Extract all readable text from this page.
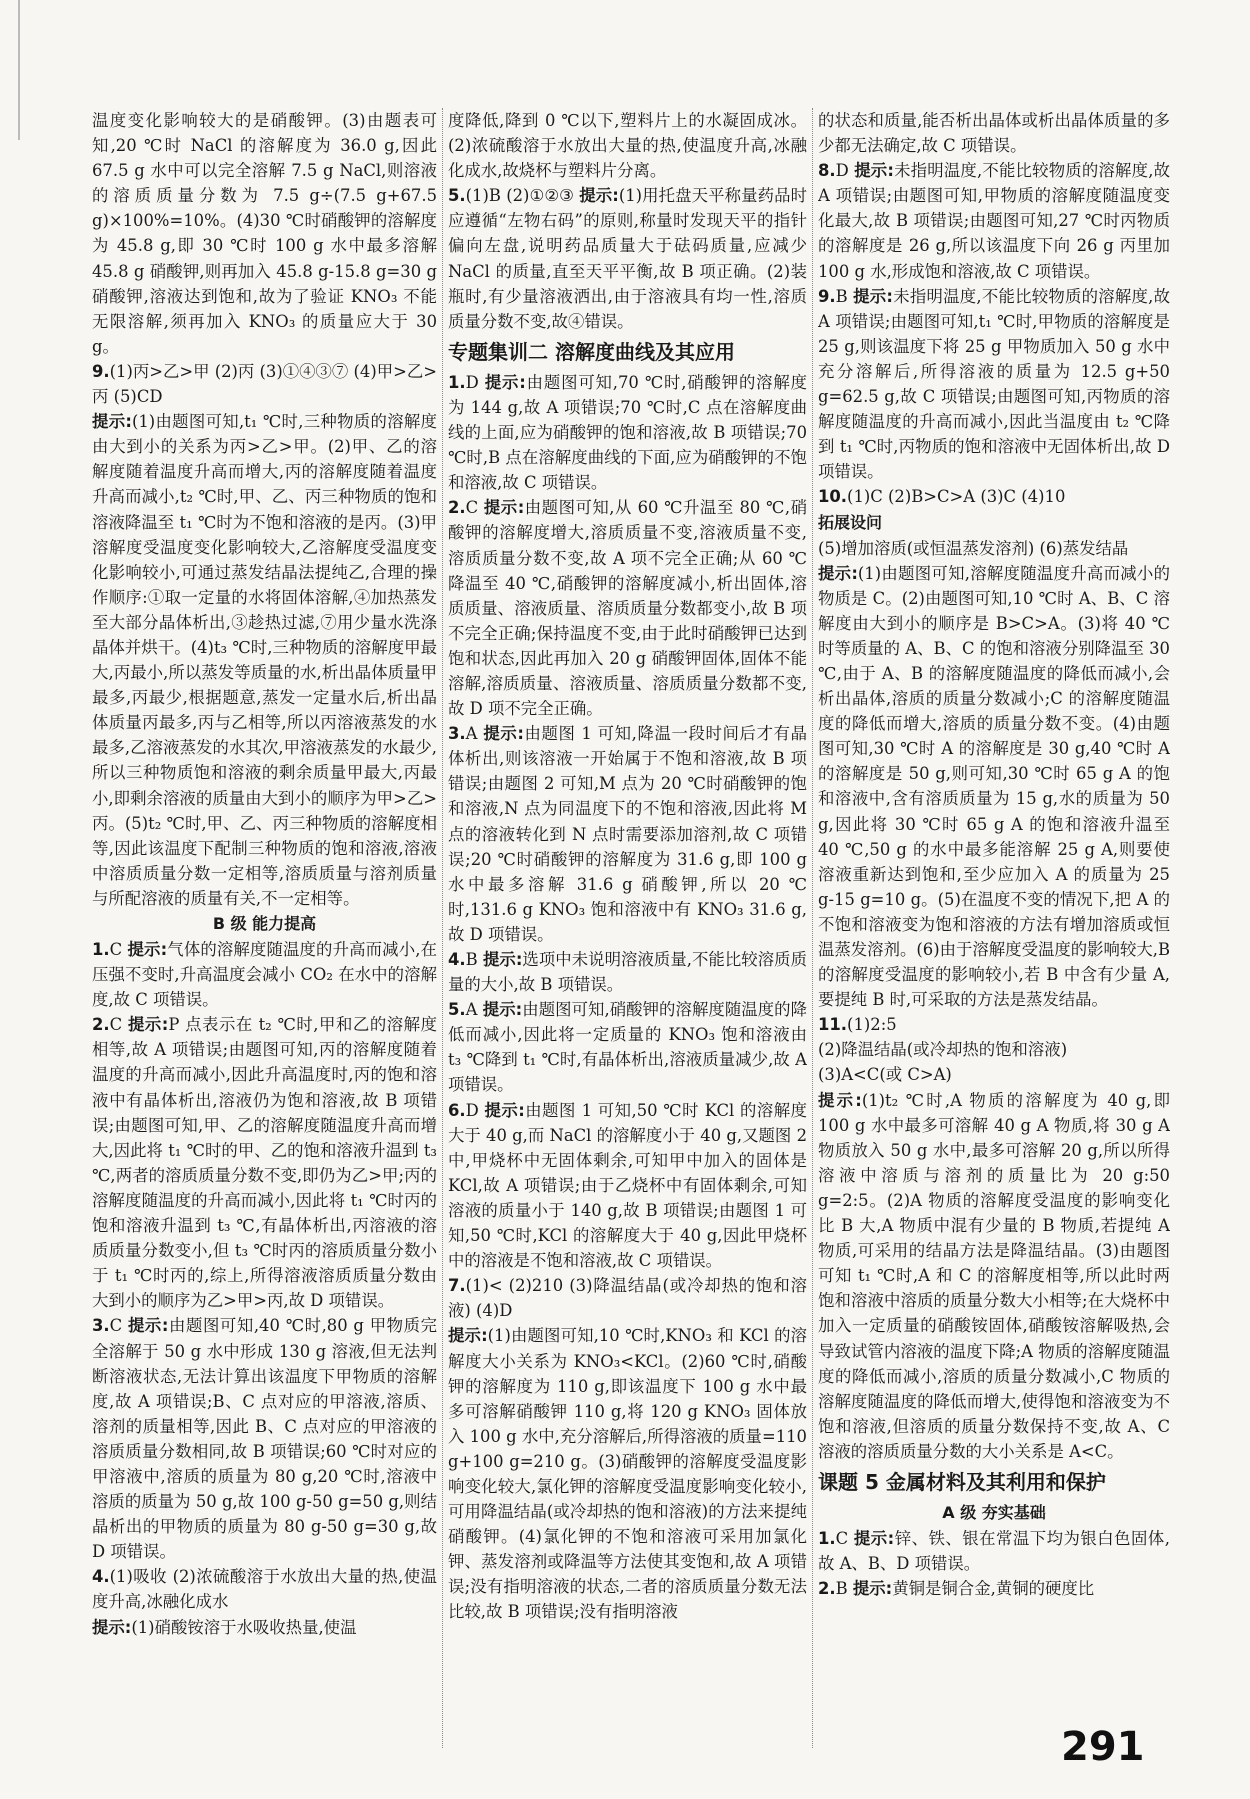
温度变化影响较大的是硝酸钾。(3)由题表可知,20 ℃时 NaCl 的溶解度为 36.0 g,因此 67.5 g 水中可以完全溶解 7.5 g NaCl,则溶液的溶质质量分数为 7.5 g÷(7.5 g+67.5 g)×100%=10%。(4)30 ℃时硝酸钾的溶解度为 45.8 g,即 30 ℃时 100 g 水中最多溶解 45.8 g 硝酸钾,则再加入 45.8 g-15.8 g=30 g 硝酸钾,溶液达到饱和,故为了验证 KNO₃ 不能无限溶解,须再加入 KNO₃ 的质量应大于 30 g。

9.(1)丙>乙>甲 (2)丙 (3)①④③⑦ (4)甲>乙>丙 (5)CD

提示:(1)由题图可知,t₁ ℃时,三种物质的溶解度由大到小的关系为丙>乙>甲。(2)甲、乙的溶解度随着温度升高而增大,丙的溶解度随着温度升高而减小,t₂ ℃时,甲、乙、丙三种物质的饱和溶液降温至 t₁ ℃时为不饱和溶液的是丙。(3)甲溶解度受温度变化影响较大,乙溶解度受温度变化影响较小,可通过蒸发结晶法提纯乙,合理的操作顺序:①取一定量的水将固体溶解,④加热蒸发至大部分晶体析出,③趁热过滤,⑦用少量水洗涤晶体并烘干。(4)t₃ ℃时,三种物质的溶解度甲最大,丙最小,所以蒸发等质量的水,析出晶体质量甲最多,丙最少,根据题意,蒸发一定量水后,析出晶体质量丙最多,丙与乙相等,所以丙溶液蒸发的水最多,乙溶液蒸发的水其次,甲溶液蒸发的水最少,所以三种物质饱和溶液的剩余质量甲最大,丙最小,即剩余溶液的质量由大到小的顺序为甲>乙>丙。(5)t₂ ℃时,甲、乙、丙三种物质的溶解度相等,因此该温度下配制三种物质的饱和溶液,溶液中溶质质量分数一定相等,溶质质量与溶剂质量与所配溶液的质量有关,不一定相等。

B 级 能力提高

1.C 提示:气体的溶解度随温度的升高而减小,在压强不变时,升高温度会减小 CO₂ 在水中的溶解度,故 C 项错误。

2.C 提示:P 点表示在 t₂ ℃时,甲和乙的溶解度相等,故 A 项错误;由题图可知,丙的溶解度随着温度的升高而减小,因此升高温度时,丙的饱和溶液中有晶体析出,溶液仍为饱和溶液,故 B 项错误;由题图可知,甲、乙的溶解度随温度升高而增大,因此将 t₁ ℃时的甲、乙的饱和溶液升温到 t₃ ℃,两者的溶质质量分数不变,即仍为乙>甲;丙的溶解度随温度的升高而减小,因此将 t₁ ℃时丙的饱和溶液升温到 t₃ ℃,有晶体析出,丙溶液的溶质质量分数变小,但 t₃ ℃时丙的溶质质量分数小于 t₁ ℃时丙的,综上,所得溶液溶质质量分数由大到小的顺序为乙>甲>丙,故 D 项错误。

3.C 提示:由题图可知,40 ℃时,80 g 甲物质完全溶解于 50 g 水中形成 130 g 溶液,但无法判断溶液状态,无法计算出该温度下甲物质的溶解度,故 A 项错误;B、C 点对应的甲溶液,溶质、溶剂的质量相等,因此 B、C 点对应的甲溶液的溶质质量分数相同,故 B 项错误;60 ℃时对应的甲溶液中,溶质的质量为 80 g,20 ℃时,溶液中溶质的质量为 50 g,故 100 g-50 g=50 g,则结晶析出的甲物质的质量为 80 g-50 g=30 g,故 D 项错误。

4.(1)吸收 (2)浓硫酸溶于水放出大量的热,使温度升高,冰融化成水

提示:(1)硝酸铵溶于水吸收热量,使温

度降低,降到 0 ℃以下,塑料片上的水凝固成冰。(2)浓硫酸溶于水放出大量的热,使温度升高,冰融化成水,故烧杯与塑料片分离。

5.(1)B (2)①②③ 提示:(1)用托盘天平称量药品时应遵循“左物右码”的原则,称量时发现天平的指针偏向左盘,说明药品质量大于砝码质量,应减少 NaCl 的质量,直至天平平衡,故 B 项正确。(2)装瓶时,有少量溶液洒出,由于溶液具有均一性,溶质质量分数不变,故④错误。

专题集训二 溶解度曲线及其应用

1.D 提示:由题图可知,70 ℃时,硝酸钾的溶解度为 144 g,故 A 项错误;70 ℃时,C 点在溶解度曲线的上面,应为硝酸钾的饱和溶液,故 B 项错误;70 ℃时,B 点在溶解度曲线的下面,应为硝酸钾的不饱和溶液,故 C 项错误。

2.C 提示:由题图可知,从 60 ℃升温至 80 ℃,硝酸钾的溶解度增大,溶质质量不变,溶液质量不变,溶质质量分数不变,故 A 项不完全正确;从 60 ℃降温至 40 ℃,硝酸钾的溶解度减小,析出固体,溶质质量、溶液质量、溶质质量分数都变小,故 B 项不完全正确;保持温度不变,由于此时硝酸钾已达到饱和状态,因此再加入 20 g 硝酸钾固体,固体不能溶解,溶质质量、溶液质量、溶质质量分数都不变,故 D 项不完全正确。

3.A 提示:由题图 1 可知,降温一段时间后才有晶体析出,则该溶液一开始属于不饱和溶液,故 B 项错误;由题图 2 可知,M 点为 20 ℃时硝酸钾的饱和溶液,N 点为同温度下的不饱和溶液,因此将 M 点的溶液转化到 N 点时需要添加溶剂,故 C 项错误;20 ℃时硝酸钾的溶解度为 31.6 g,即 100 g 水中最多溶解 31.6 g 硝酸钾,所以 20 ℃时,131.6 g KNO₃ 饱和溶液中有 KNO₃ 31.6 g,故 D 项错误。

4.B 提示:选项中未说明溶液质量,不能比较溶质质量的大小,故 B 项错误。

5.A 提示:由题图可知,硝酸钾的溶解度随温度的降低而减小,因此将一定质量的 KNO₃ 饱和溶液由 t₃ ℃降到 t₁ ℃时,有晶体析出,溶液质量减少,故 A 项错误。

6.D 提示:由题图 1 可知,50 ℃时 KCl 的溶解度大于 40 g,而 NaCl 的溶解度小于 40 g,又题图 2 中,甲烧杯中无固体剩余,可知甲中加入的固体是 KCl,故 A 项错误;由于乙烧杯中有固体剩余,可知溶液的质量小于 140 g,故 B 项错误;由题图 1 可知,50 ℃时,KCl 的溶解度大于 40 g,因此甲烧杯中的溶液是不饱和溶液,故 C 项错误。

7.(1)< (2)210 (3)降温结晶(或冷却热的饱和溶液) (4)D

提示:(1)由题图可知,10 ℃时,KNO₃ 和 KCl 的溶解度大小关系为 KNO₃<KCl。(2)60 ℃时,硝酸钾的溶解度为 110 g,即该温度下 100 g 水中最多可溶解硝酸钾 110 g,将 120 g KNO₃ 固体放入 100 g 水中,充分溶解后,所得溶液的质量=110 g+100 g=210 g。(3)硝酸钾的溶解度受温度影响变化较大,氯化钾的溶解度受温度影响变化较小,可用降温结晶(或冷却热的饱和溶液)的方法来提纯硝酸钾。(4)氯化钾的不饱和溶液可采用加氯化钾、蒸发溶剂或降温等方法使其变饱和,故 A 项错误;没有指明溶液的状态,二者的溶质质量分数无法比较,故 B 项错误;没有指明溶液

的状态和质量,能否析出晶体或析出晶体质量的多少都无法确定,故 C 项错误。

8.D 提示:未指明温度,不能比较物质的溶解度,故 A 项错误;由题图可知,甲物质的溶解度随温度变化最大,故 B 项错误;由题图可知,27 ℃时丙物质的溶解度是 26 g,所以该温度下向 26 g 丙里加 100 g 水,形成饱和溶液,故 C 项错误。

9.B 提示:未指明温度,不能比较物质的溶解度,故 A 项错误;由题图可知,t₁ ℃时,甲物质的溶解度是 25 g,则该温度下将 25 g 甲物质加入 50 g 水中充分溶解后,所得溶液的质量为 12.5 g+50 g=62.5 g,故 C 项错误;由题图可知,丙物质的溶解度随温度的升高而减小,因此当温度由 t₂ ℃降到 t₁ ℃时,丙物质的饱和溶液中无固体析出,故 D 项错误。

10.(1)C (2)B>C>A (3)C (4)10

拓展设问

(5)增加溶质(或恒温蒸发溶剂) (6)蒸发结晶

提示:(1)由题图可知,溶解度随温度升高而减小的物质是 C。(2)由题图可知,10 ℃时 A、B、C 溶解度由大到小的顺序是 B>C>A。(3)将 40 ℃时等质量的 A、B、C 的饱和溶液分别降温至 30 ℃,由于 A、B 的溶解度随温度的降低而减小,会析出晶体,溶质的质量分数减小;C 的溶解度随温度的降低而增大,溶质的质量分数不变。(4)由题图可知,30 ℃时 A 的溶解度是 30 g,40 ℃时 A 的溶解度是 50 g,则可知,30 ℃时 65 g A 的饱和溶液中,含有溶质质量为 15 g,水的质量为 50 g,因此将 30 ℃时 65 g A 的饱和溶液升温至 40 ℃,50 g 的水中最多能溶解 25 g A,则要使溶液重新达到饱和,至少应加入 A 的质量为 25 g-15 g=10 g。(5)在温度不变的情况下,把 A 的不饱和溶液变为饱和溶液的方法有增加溶质或恒温蒸发溶剂。(6)由于溶解度受温度的影响较大,B 的溶解度受温度的影响较小,若 B 中含有少量 A,要提纯 B 时,可采取的方法是蒸发结晶。

11.(1)2:5

(2)降温结晶(或冷却热的饱和溶液)

(3)A<C(或 C>A)

提示:(1)t₂ ℃时,A 物质的溶解度为 40 g,即 100 g 水中最多可溶解 40 g A 物质,将 30 g A 物质放入 50 g 水中,最多可溶解 20 g,所以所得溶液中溶质与溶剂的质量比为 20 g:50 g=2:5。(2)A 物质的溶解度受温度的影响变化比 B 大,A 物质中混有少量的 B 物质,若提纯 A 物质,可采用的结晶方法是降温结晶。(3)由题图可知 t₁ ℃时,A 和 C 的溶解度相等,所以此时两饱和溶液中溶质的质量分数大小相等;在大烧杯中加入一定质量的硝酸铵固体,硝酸铵溶解吸热,会导致试管内溶液的温度下降;A 物质的溶解度随温度的降低而减小,溶质的质量分数减小,C 物质的溶解度随温度的降低而增大,使得饱和溶液变为不饱和溶液,但溶质的质量分数保持不变,故 A、C 溶液的溶质质量分数的大小关系是 A<C。

课题 5 金属材料及其利用和保护
A 级 夯实基础

1.C 提示:锌、铁、银在常温下均为银白色固体,故 A、B、D 项错误。

2.B 提示:黄铜是铜合金,黄铜的硬度比

291
